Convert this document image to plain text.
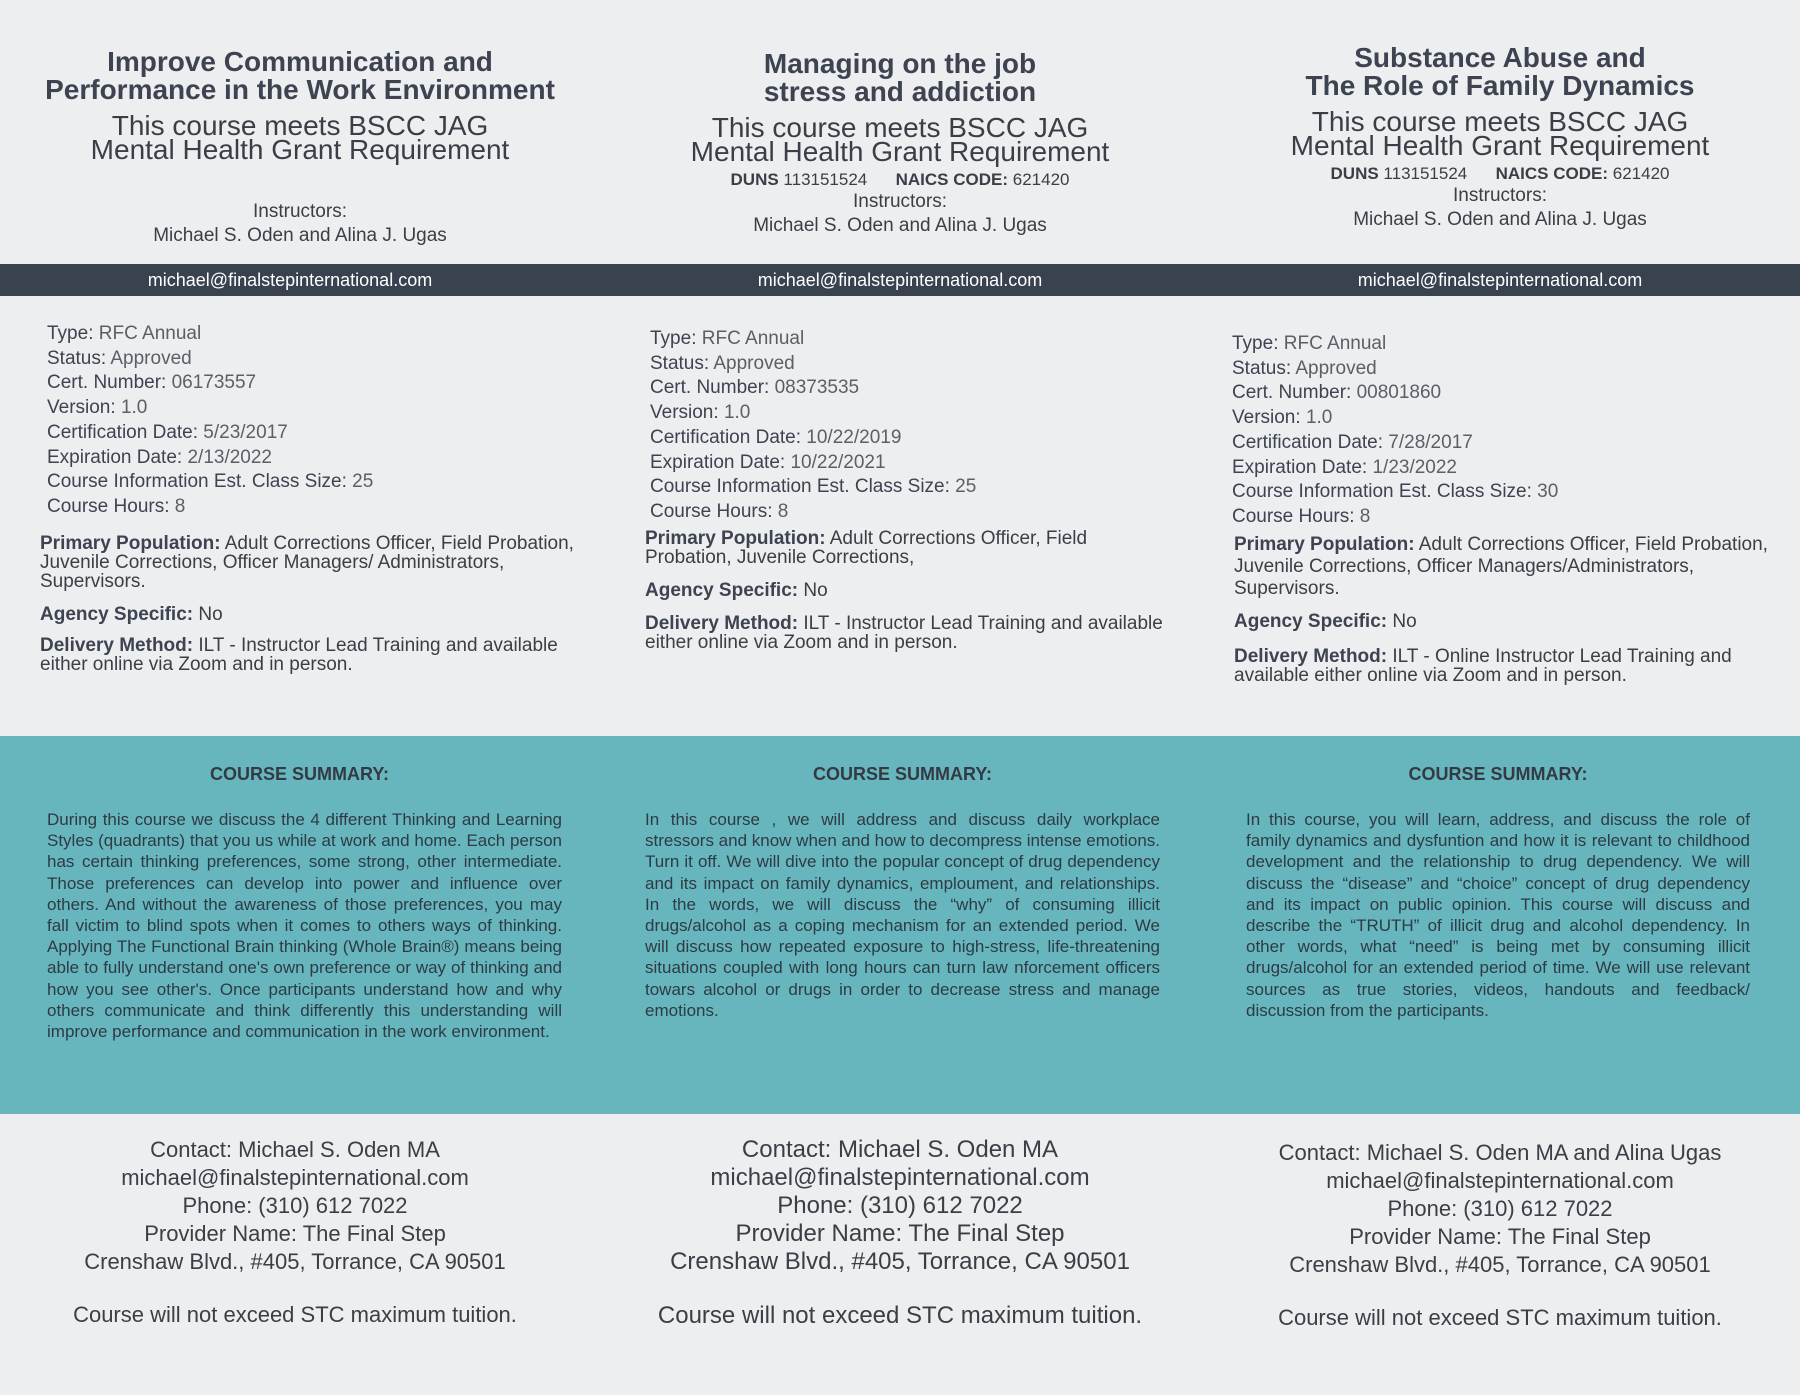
Improve Communication and
Performance in the Work Environment
This course meets BSCC JAG
Mental Health Grant Requirement
Instructors:
Michael S. Oden and Alina J. Ugas
Managing on the job
stress and addiction
This course meets BSCC JAG
Mental Health Grant Requirement
DUNS 113151524 NAICS CODE: 621420
Instructors:
Michael S. Oden and Alina J. Ugas
Substance Abuse and
The Role of Family Dynamics
This course meets BSCC JAG
Mental Health Grant Requirement
DUNS 113151524 NAICS CODE: 621420
Instructors:
Michael S. Oden and Alina J. Ugas
michael@finalstepinternational.com	michael@finalstepinternational.com	michael@finalstepinternational.com
Type: RFC Annual
Status: Approved
Cert. Number: 06173557
Version: 1.0
Certification Date: 5/23/2017
Expiration Date: 2/13/2022
Course Information Est. Class Size: 25
Course Hours: 8

Primary Population: Adult Corrections Officer, Field Probation, Juvenile Corrections, Officer Managers/ Administrators, Supervisors.

Agency Specific: No

Delivery Method: ILT - Instructor Lead Training and available either online via Zoom and in person.

Type: RFC Annual
Status: Approved
Cert. Number: 08373535
Version: 1.0
Certification Date: 10/22/2019
Expiration Date: 10/22/2021
Course Information Est. Class Size: 25
Course Hours: 8

Primary Population: Adult Corrections Officer, Field Probation, Juvenile Corrections,

Agency Specific: No

Delivery Method: ILT - Instructor Lead Training and available either online via Zoom and in person.

Type: RFC Annual
Status: Approved
Cert. Number: 00801860
Version: 1.0
Certification Date: 7/28/2017
Expiration Date: 1/23/2022
Course Information Est. Class Size: 30
Course Hours: 8

Primary Population: Adult Corrections Officer, Field Probation, Juvenile Corrections, Officer Managers/Administrators, Supervisors.

Agency Specific: No

Delivery Method: ILT - Online Instructor Lead Training and available either online via Zoom and in person.

COURSE SUMMARY:

During this course we discuss the 4 different Thinking and Learning Styles (quadrants) that you us while at work and home. Each person has certain thinking preferences, some strong, other intermediate. Those preferences can develop into power and influence over others. And without the awareness of those preferences, you may fall victim to blind spots when it comes to others ways of thinking. Applying The Functional Brain thinking (Whole Brain®) means being able to fully understand one's own preference or way of thinking and how you see other's. Once participants understand how and why others communicate and think differently this understanding will improve performance and communication in the work environment.

COURSE SUMMARY:

In this course , we will address and discuss daily workplace stressors and know when and how to decompress intense emotions. Turn it off. We will dive into the popular concept of drug dependency and its impact on family dynamics, emploument, and relationships. In the words, we will discuss the “why” of consuming illicit drugs/alcohol as a coping mechanism for an extended period. We will discuss how repeated exposure to high-stress, life-threatening situations coupled with long hours can turn law nforcement officers towars alcohol or drugs in order to decrease stress and manage emotions.

COURSE SUMMARY:

In this course, you will learn, address, and discuss the role of family dynamics and dysfuntion and how it is relevant to childhood development and the relationship to drug dependency. We will discuss the “disease” and “choice” concept of drug dependency and its impact on public opinion. This course will discuss and describe the “TRUTH” of illicit drug and alcohol dependency. In other words, what “need” is being met by consuming illicit drugs/alcohol for an extended period of time. We will use relevant sources as true stories, videos, handouts and feedback/ discussion from the participants.

Contact: Michael S. Oden MA
michael@finalstepinternational.com
Phone: (310) 612 7022
Provider Name: The Final Step
Crenshaw Blvd., #405, Torrance, CA 90501
Course will not exceed STC maximum tuition.
Contact: Michael S. Oden MA
michael@finalstepinternational.com
Phone: (310) 612 7022
Provider Name: The Final Step
Crenshaw Blvd., #405, Torrance, CA 90501
Course will not exceed STC maximum tuition.
Contact: Michael S. Oden MA and Alina Ugas
michael@finalstepinternational.com
Phone: (310) 612 7022
Provider Name: The Final Step
Crenshaw Blvd., #405, Torrance, CA 90501
Course will not exceed STC maximum tuition.
